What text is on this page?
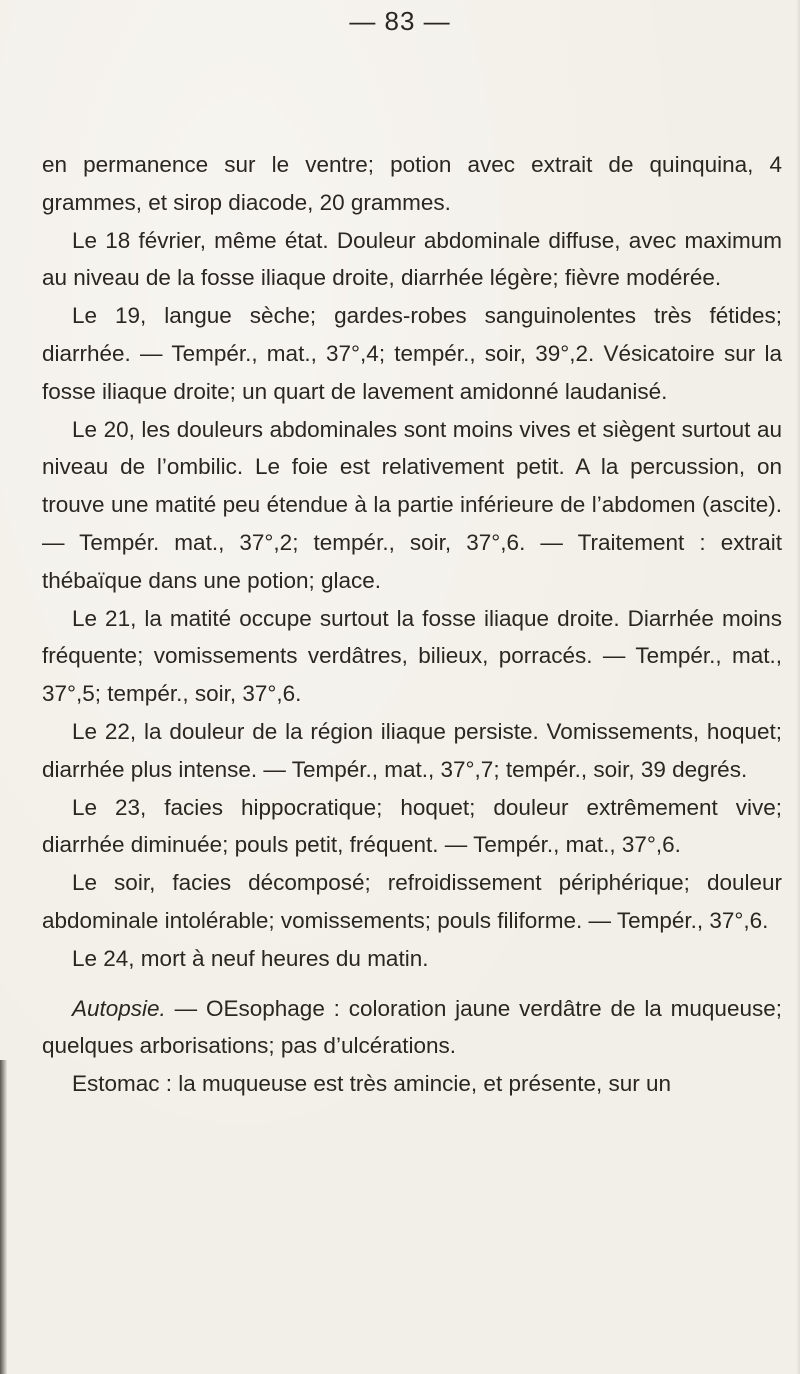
— 83 —

en permanence sur le ventre; potion avec extrait de quinquina, 4 grammes, et sirop diacode, 20 grammes.

Le 18 février, même état. Douleur abdominale diffuse, avec maximum au niveau de la fosse iliaque droite, diarrhée légère; fièvre modérée.

Le 19, langue sèche; gardes-robes sanguinolentes très fétides; diarrhée. — Tempér., mat., 37°,4; tempér., soir, 39°,2. Vésicatoire sur la fosse iliaque droite; un quart de lavement amidonné laudanisé.

Le 20, les douleurs abdominales sont moins vives et siègent surtout au niveau de l’ombilic. Le foie est relativement petit. A la percussion, on trouve une matité peu étendue à la partie inférieure de l’abdomen (ascite). — Tempér. mat., 37°,2; tempér., soir, 37°,6. — Traitement : extrait thébaïque dans une potion; glace.

Le 21, la matité occupe surtout la fosse iliaque droite. Diarrhée moins fréquente; vomissements verdâtres, bilieux, porracés. — Tempér., mat., 37°,5; tempér., soir, 37°,6.

Le 22, la douleur de la région iliaque persiste. Vomissements, hoquet; diarrhée plus intense. — Tempér., mat., 37°,7; tempér., soir, 39 degrés.

Le 23, facies hippocratique; hoquet; douleur extrêmement vive; diarrhée diminuée; pouls petit, fréquent. — Tempér., mat., 37°,6.

Le soir, facies décomposé; refroidissement périphérique; douleur abdominale intolérable; vomissements; pouls filiforme. — Tempér., 37°,6.

Le 24, mort à neuf heures du matin.

Autopsie. — OEsophage : coloration jaune verdâtre de la muqueuse; quelques arborisations; pas d’ulcérations.

Estomac : la muqueuse est très amincie, et présente, sur un
